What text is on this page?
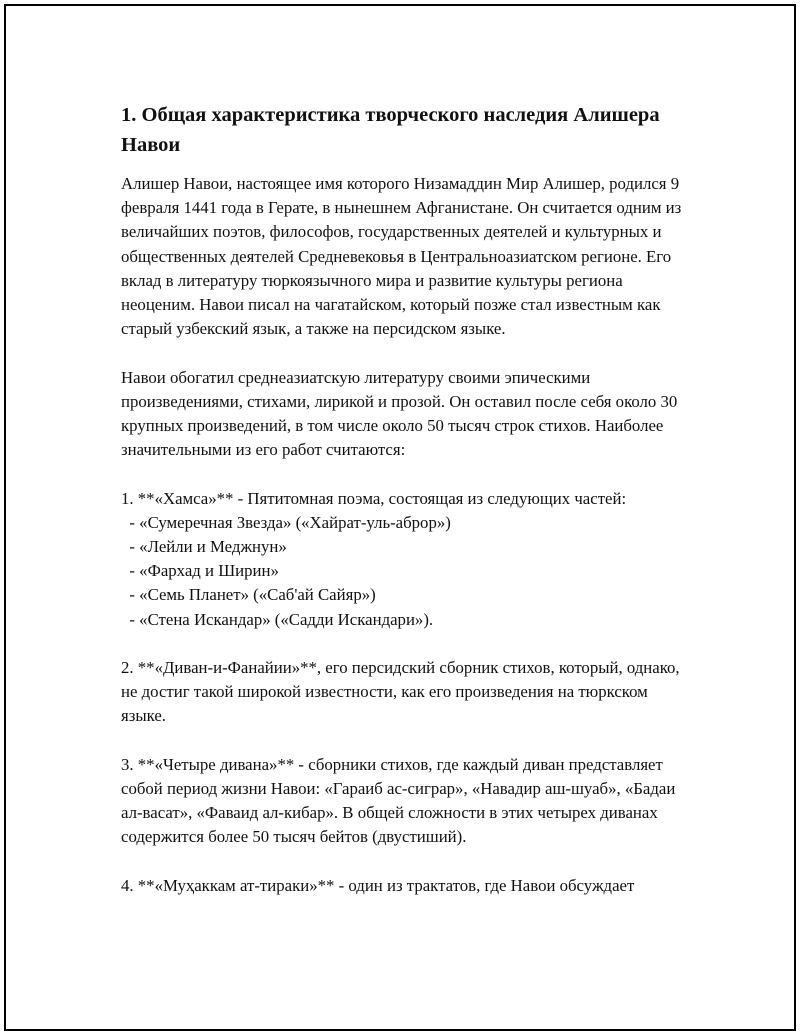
1. Общая характеристика творческого наследия Алишера Навои

Алишер Навои, настоящее имя которого Низамаддин Мир Алишер, родился 9 февраля 1441 года в Герате, в нынешнем Афганистане. Он считается одним из величайших поэтов, философов, государственных деятелей и культурных и общественных деятелей Средневековья в Центральноазиатском регионе. Его вклад в литературу тюркоязычного мира и развитие культуры региона неоценим. Навои писал на чагатайском, который позже стал известным как старый узбекский язык, а также на персидском языке.

Навои обогатил среднеазиатскую литературу своими эпическими произведениями, стихами, лирикой и прозой. Он оставил после себя около 30 крупных произведений, в том числе около 50 тысяч строк стихов. Наиболее значительными из его работ считаются:

1. **«Хамса»** - Пятитомная поэма, состоящая из следующих частей:
- «Сумеречная Звезда» («Хайрат-уль-аброр»)
- «Лейли и Меджнун»
- «Фархад и Ширин»
- «Семь Планет» («Саб'ай Сайяр»)
- «Стена Искандар» («Садди Искандари»).

2. **«Диван-и-Фанайии»**, его персидский сборник стихов, который, однако, не достиг такой широкой известности, как его произведения на тюркском языке.

3. **«Четыре дивана»** - сборники стихов, где каждый диван представляет собой период жизни Навои: «Гараиб ас-сиграр», «Навадир аш-шуаб», «Бадаи ал-васат», «Фаваид ал-кибар». В общей сложности в этих четырех диванах содержится более 50 тысяч бейтов (двустиший).

4. **«Муҳаккам ат-тираки»** - один из трактатов, где Навои обсуждает
